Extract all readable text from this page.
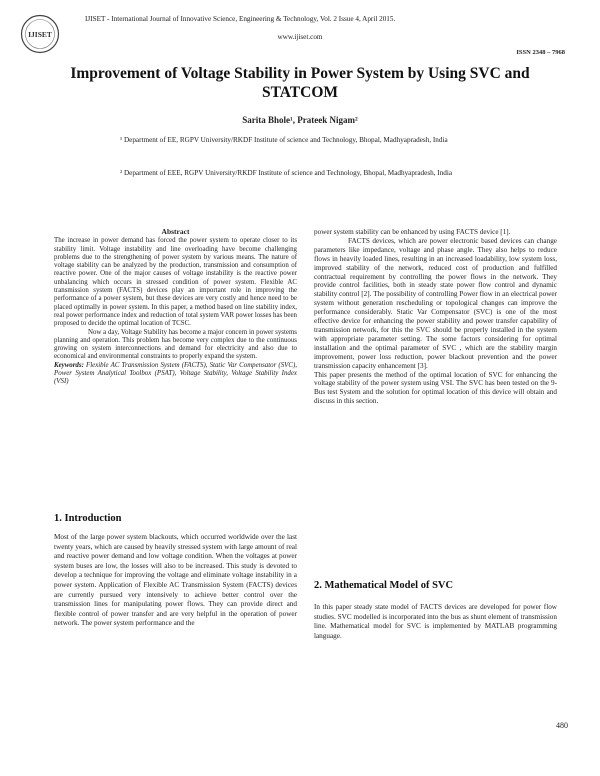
IJISET
IJISET - International Journal of Innovative Science, Engineering & Technology, Vol. 2 Issue 4, April 2015.
www.ijiset.com
ISSN 2348 – 7968
Improvement of Voltage Stability in Power System by Using SVC and STATCOM
Sarita Bhole¹, Prateek Nigam²
¹ Department of EE, RGPV University/RKDF Institute of science and Technology, Bhopal, Madhyapradesh, India
² Department of EEE, RGPV University/RKDF Institute of science and Technology, Bhopal, Madhyapradesh, India

Abstract

The increase in power demand has forced the power system to operate closer to its stability limit. Voltage instability and line overloading have become challenging problems due to the strengthening of power system by various means. The nature of voltage stability can be analyzed by the production, transmission and consumption of reactive power. One of the major causes of voltage instability is the reactive power unbalancing which occurs in stressed condition of power system. Flexible AC transmission system (FACTS) devices play an important role in improving the performance of a power system, but these devices are very costly and hence need to be placed optimally in power system. In this paper, a method based on line stability index, real power performance index and reduction of total system VAR power losses has been proposed to decide the optimal location of TCSC.

Now a day, Voltage Stability has become a major concern in power systems planning and operation. This problem has become very complex due to the continuous growing on system interconnections and demand for electricity and also due to economical and environmental constraints to properly expand the system.

Keywords: Flexible AC Transmission System (FACTS), Static Var Compensator (SVC), Power System Analytical Toolbox (PSAT), Voltage Stability, Voltage Stability Index (VSI)

power system stability can be enhanced by using FACTS device [1].

FACTS devices, which are power electronic based devices can change parameters like impedance, voltage and phase angle. They also helps to reduce flows in heavily loaded lines, resulting in an increased loadability, low system loss, improved stability of the network, reduced cost of production and fulfilled contractual requirement by controlling the power flows in the network. They provide control facilities, both in steady state power flow control and dynamic stability control [2]. The possibility of controlling Power flow in an electrical power system without generation rescheduling or topological changes can improve the performance considerably. Static Var Compensator (SVC) is one of the most effective device for enhancing the power stability and power transfer capability of transmission network, for this the SVC should be properly installed in the system with appropriate parameter setting. The some factors considering for optimal installation and the optimal parameter of SVC , which are the stability margin improvement, power loss reduction, power blackout prevention and the power transmission capacity enhancement [3].

This paper presents the method of the optimal location of SVC for enhancing the voltage stability of the power system using VSI. The SVC has been tested on the 9-Bus test System and the solution for optimal location of this device will obtain and discuss in this section.

1. Introduction
Most of the large power system blackouts, which occurred worldwide over the last twenty years, which are caused by heavily stressed system with large amount of real and reactive power demand and low voltage condition. When the voltages at power system buses are low, the losses will also to be increased. This study is devoted to develop a technique for improving the voltage and eliminate voltage instability in a power system. Application of Flexible AC Transmission System (FACTS) devices are currently pursued very intensively to achieve better control over the transmission lines for manipulating power flows. They can provide direct and flexible control of power transfer and are very helpful in the operation of power network. The power system performance and the
2. Mathematical Model of SVC
In this paper steady state model of FACTS devices are developed for power flow studies. SVC modelled is incorporated into the bus as shunt element of transmission line. Mathematical model for SVC is implemented by MATLAB programming language.
480
